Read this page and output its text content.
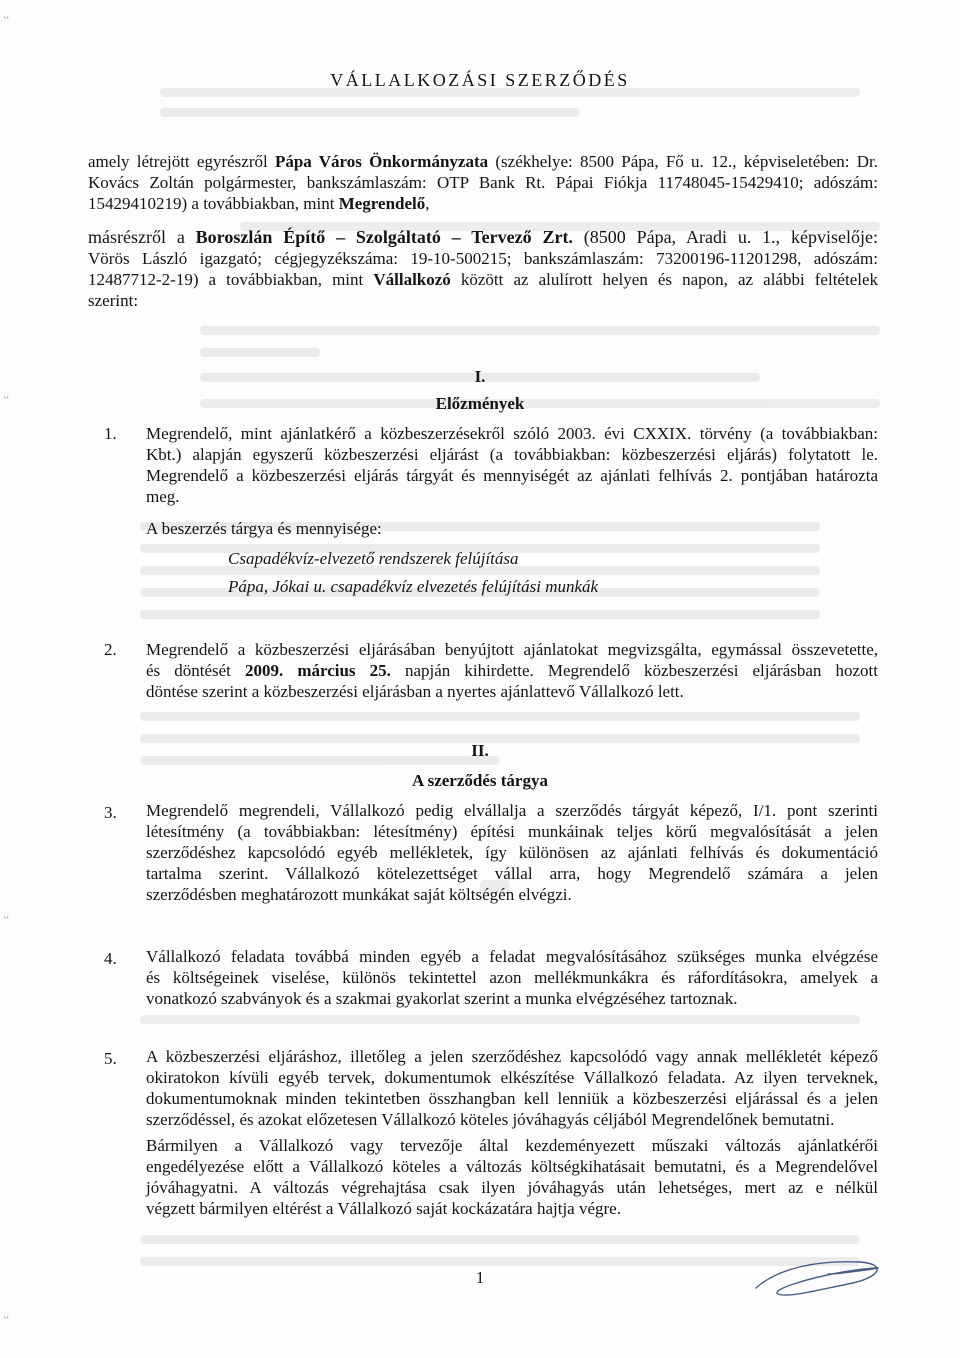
ᵕ
ᵕ
ᵕ
ᵕ
VÁLLALKOZÁSI SZERZŐDÉS
amely létrejött egyrészről Pápa Város Önkormányzata (székhelye: 8500 Pápa, Fő u. 12., képviseletében: Dr.
Kovács Zoltán polgármester, bankszámlaszám: OTP Bank Rt. Pápai Fiókja 11748045-15429410; adószám:
15429410219) a továbbiakban, mint Megrendelő,
másrészről a Boroszlán Építő – Szolgáltató – Tervező Zrt. (8500 Pápa, Aradi u. 1., képviselője:
Vörös László igazgató; cégjegyzékszáma: 19-10-500215; bankszámlaszám: 73200196-11201298, adószám:
12487712-2-19) a továbbiakban, mint Vállalkozó között az alulírott helyen és napon, az alábbi feltételek
szerint:
I.
Előzmények
1. Megrendelő, mint ajánlatkérő a közbeszerzésekről szóló 2003. évi CXXIX. törvény (a továbbiakban:
Kbt.) alapján egyszerű közbeszerzési eljárást (a továbbiakban: közbeszerzési eljárás) folytatott le.
Megrendelő a közbeszerzési eljárás tárgyát és mennyiségét az ajánlati felhívás 2. pontjában határozta
meg.
A beszerzés tárgya és mennyisége:
Csapadékvíz-elvezető rendszerek felújítása
Pápa, Jókai u. csapadékvíz elvezetés felújítási munkák
2. Megrendelő a közbeszerzési eljárásában benyújtott ajánlatokat megvizsgálta, egymással összevetette,
és döntését 2009. március 25. napján kihirdette. Megrendelő közbeszerzési eljárásban hozott
döntése szerint a közbeszerzési eljárásban a nyertes ajánlattevő Vállalkozó lett.
II.
A szerződés tárgya
3. Megrendelő megrendeli, Vállalkozó pedig elvállalja a szerződés tárgyát képező, I/1. pont szerinti
létesítmény (a továbbiakban: létesítmény) építési munkáinak teljes körű megvalósítását a jelen
szerződéshez kapcsolódó egyéb mellékletek, így különösen az ajánlati felhívás és dokumentáció
tartalma szerint. Vállalkozó kötelezettséget vállal arra, hogy Megrendelő számára a jelen
szerződésben meghatározott munkákat saját költségén elvégzi.
4. Vállalkozó feladata továbbá minden egyéb a feladat megvalósításához szükséges munka elvégzése
és költségeinek viselése, különös tekintettel azon mellékmunkákra és ráfordításokra, amelyek a
vonatkozó szabványok és a szakmai gyakorlat szerint a munka elvégzéséhez tartoznak.
5. A közbeszerzési eljáráshoz, illetőleg a jelen szerződéshez kapcsolódó vagy annak mellékletét képező
okiratokon kívüli egyéb tervek, dokumentumok elkészítése Vállalkozó feladata. Az ilyen terveknek,
dokumentumoknak minden tekintetben összhangban kell lenniük a közbeszerzési eljárással és a jelen
szerződéssel, és azokat előzetesen Vállalkozó köteles jóváhagyás céljából Megrendelőnek bemutatni.
Bármilyen a Vállalkozó vagy tervezője által kezdeményezett műszaki változás ajánlatkérői
engedélyezése előtt a Vállalkozó köteles a változás költségkihatásait bemutatni, és a Megrendelővel
jóváhagyatni. A változás végrehajtása csak ilyen jóváhagyás után lehetséges, mert az e nélkül
végzett bármilyen eltérést a Vállalkozó saját kockázatára hajtja végre.
1
